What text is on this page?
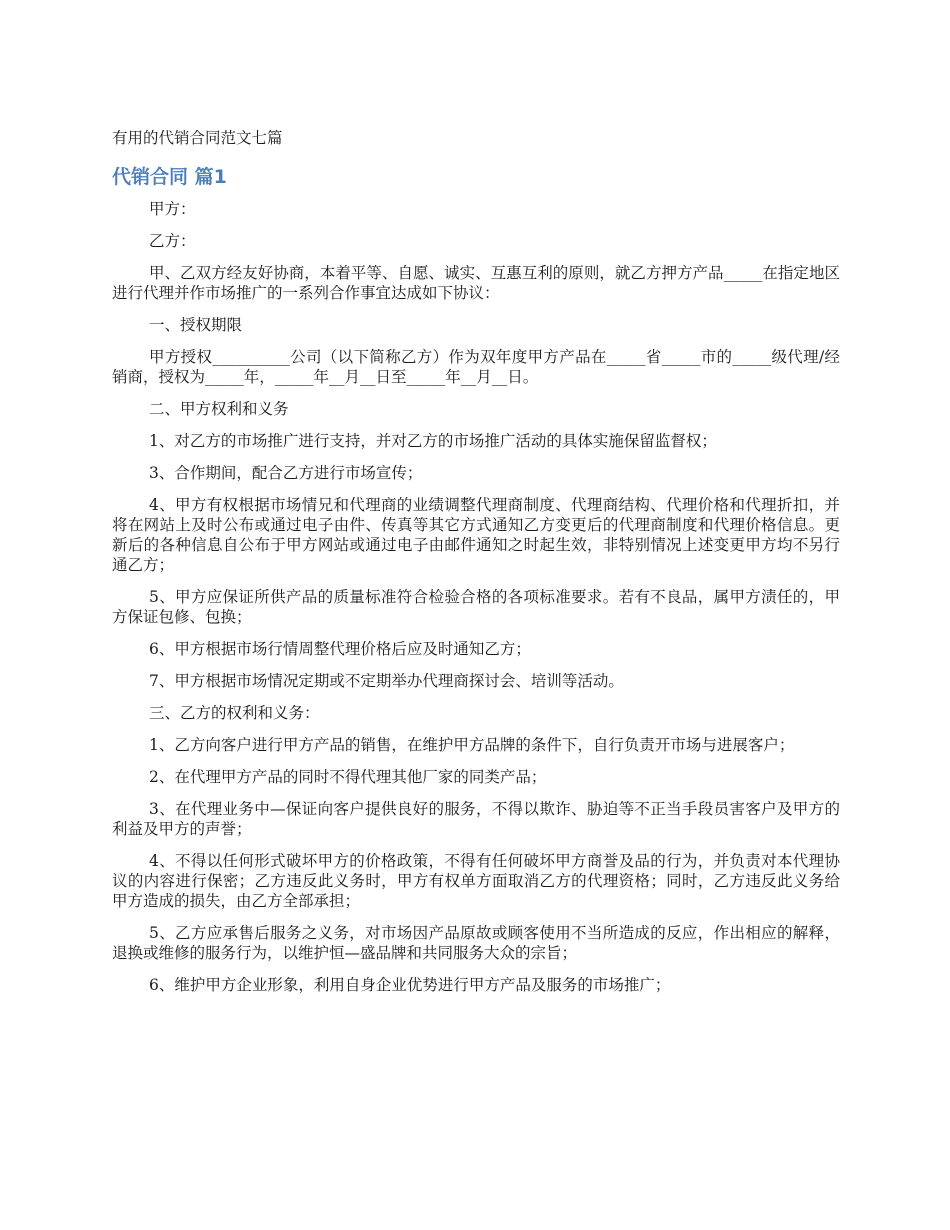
有用的代销合同范文七篇

代销合同 篇1

甲方：

乙方：

甲、乙双方经友好协商，本着平等、自愿、诚实、互惠互利的原则，就乙方押方产品_____在指定地区进行代理并作市场推广的一系列合作事宜达成如下协议：

一、授权期限

甲方授权__________公司（以下简称乙方）作为双年度甲方产品在_____省_____市的_____级代理/经销商，授权为_____年，_____年__月__日至_____年__月__日。

二、甲方权利和义务

1、对乙方的市场推广进行支持，并对乙方的市场推广活动的具体实施保留监督权；

3、合作期间，配合乙方进行市场宣传；

4、甲方有权根据市场情兄和代理商的业绩调整代理商制度、代理商结构、代理价格和代理折扣，并将在网站上及时公布或通过电子由件、传真等其它方式通知乙方变更后的代理商制度和代理价格信息。更新后的各种信息自公布于甲方网站或通过电子由邮件通知之时起生效，非特别情况上述变更甲方均不另行通乙方；

5、甲方应保证所供产品的质量标准符合检验合格的各项标准要求。若有不良品，属甲方渍任的，甲方保证包修、包换；

6、甲方根据市场行情周整代理价格后应及时通知乙方；

7、甲方根据市场情况定期或不定期举办代理商探讨会、培训等活动。

三、乙方的权利和义务：

1、乙方向客户进行甲方产品的销售，在维护甲方品牌的条件下，自行负责开市场与进展客户；

2、在代理甲方产品的同时不得代理其他厂家的同类产品；

3、在代理业务中—保证向客户提供良好的服务，不得以欺诈、胁迫等不正当手段员害客户及甲方的利益及甲方的声誉；

4、不得以任何形式破坏甲方的价格政策，不得有任何破坏甲方商誉及品的行为，并负责对本代理协议的内容进行保密；乙方违反此义务时，甲方有权单方面取消乙方的代理资格；同时，乙方违反此义务给甲方造成的损失，由乙方全部承担；

5、乙方应承售后服务之义务，对市场因产品原故或顾客使用不当所造成的反应，作出相应的解释，退换或维修的服务行为，以维护恒—盛品牌和共同服务大众的宗旨；

6、维护甲方企业形象，利用自身企业优势进行甲方产品及服务的市场推广；
